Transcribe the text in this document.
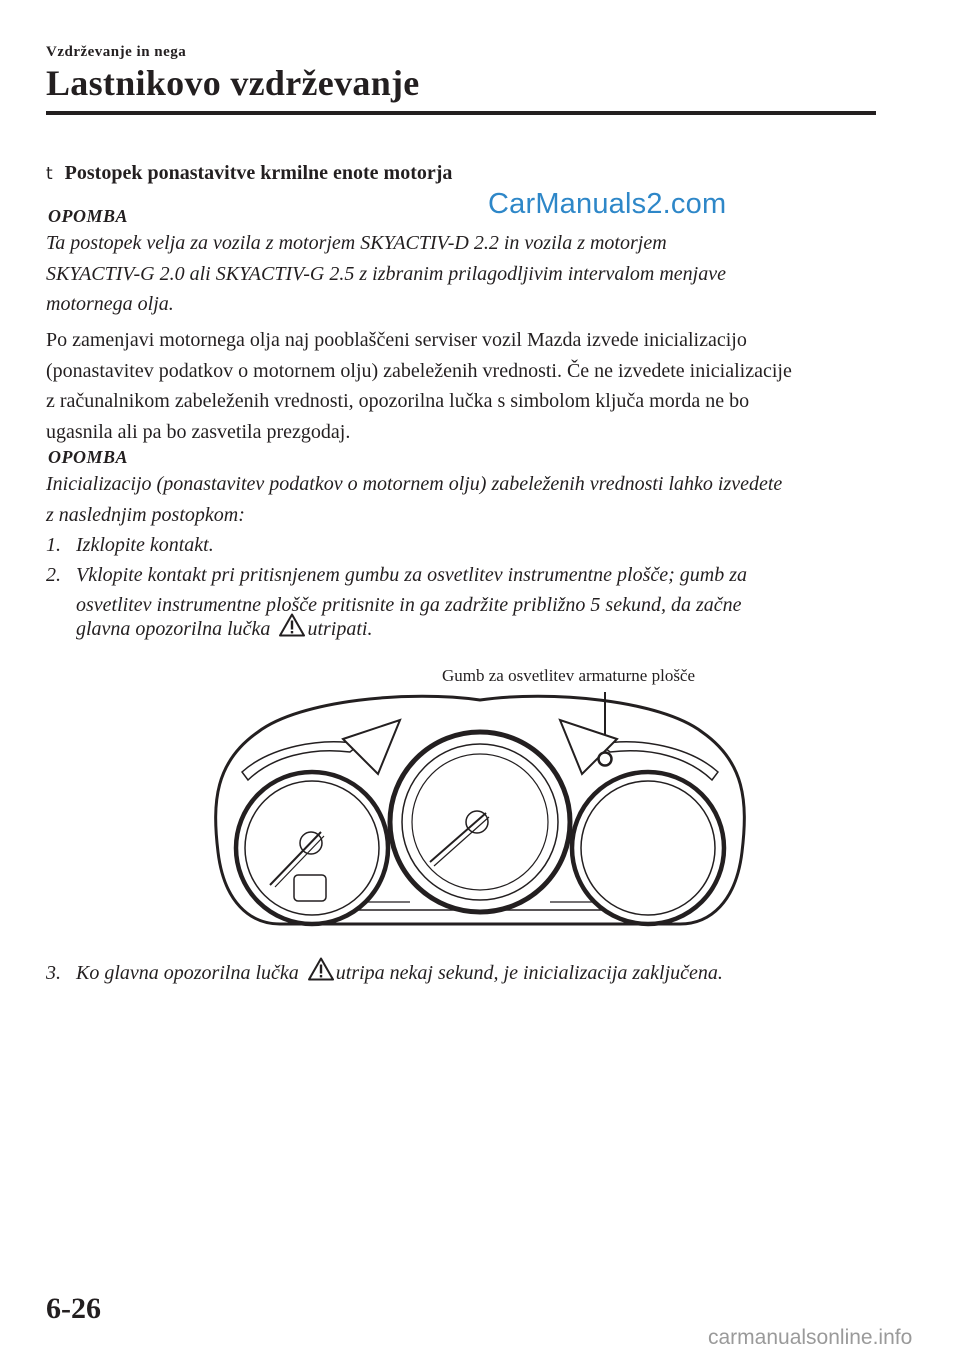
Vzdrževanje in nega
Lastnikovo vzdrževanje
t Postopek ponastavitve krmilne enote motorja
CarManuals2.com
OPOMBA
Ta postopek velja za vozila z motorjem SKYACTIV-D 2.2 in vozila z motorjem
SKYACTIV-G 2.0 ali SKYACTIV-G 2.5 z izbranim prilagodljivim intervalom menjave
motornega olja.
Po zamenjavi motornega olja naj pooblaščeni serviser vozil Mazda izvede inicializacijo
(ponastavitev podatkov o motornem olju) zabeleženih vrednosti. Če ne izvedete inicializacije
z računalnikom zabeleženih vrednosti, opozorilna lučka s simbolom ključa morda ne bo
ugasnila ali pa bo zasvetila prezgodaj.
OPOMBA
Inicializacijo (ponastavitev podatkov o motornem olju) zabeleženih vrednosti lahko izvedete
z naslednjim postopkom:
1. Izklopite kontakt.
2. Vklopite kontakt pri pritisnjenem gumbu za osvetlitev instrumentne plošče; gumb za
osvetlitev instrumentne plošče pritisnite in ga zadržite približno 5 sekund, da začne
glavna opozorilna lučka utripati.
Gumb za osvetlitev armaturne plošče
3. Ko glavna opozorilna lučka utripa nekaj sekund, je inicializacija zaključena.
6-26
carmanualsonline.info
